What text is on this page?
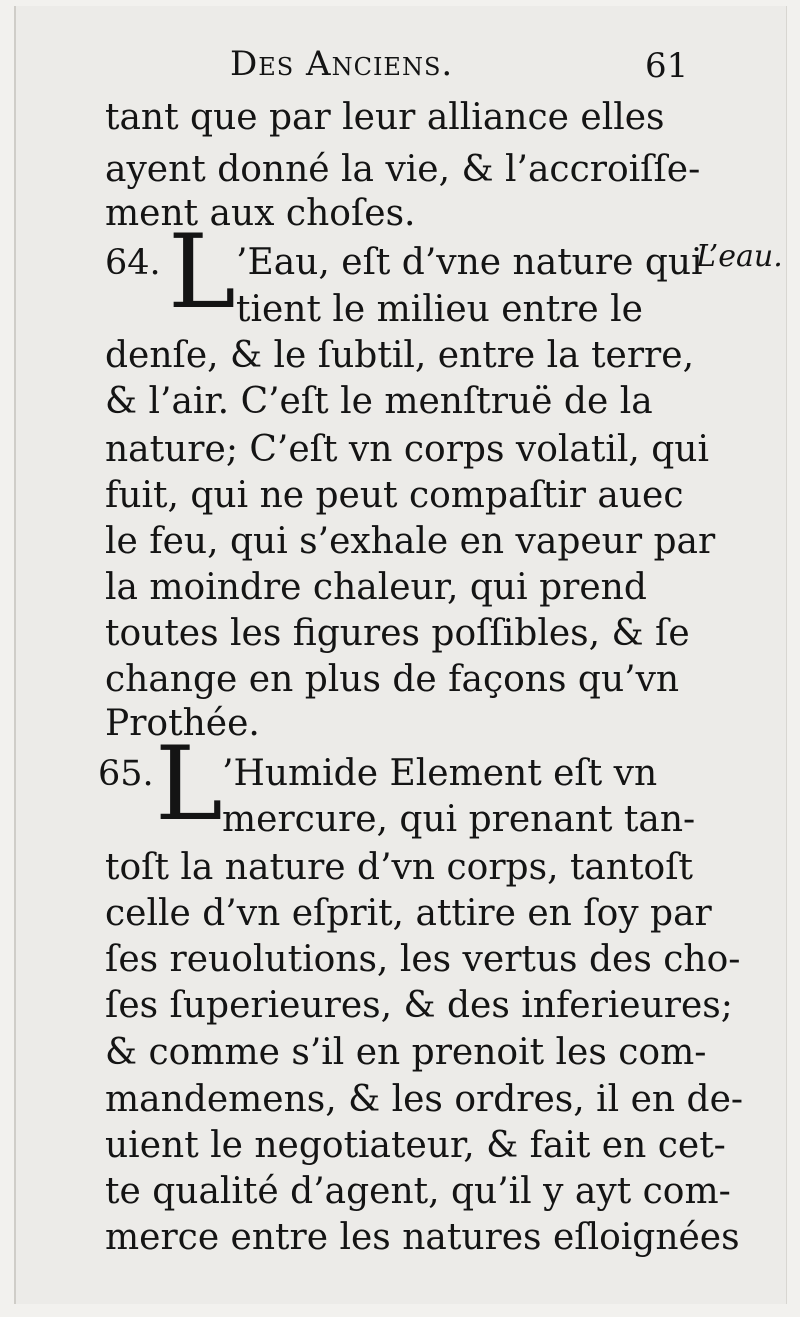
Des Anciens.	61
tant que par leur alliance elles
ayent donné la vie, & l’accroiſſe-
ment aux choſes.
64. L	L’eau.
’Eau, eſt d’vne nature qui
tient le milieu entre le
denſe, & le ſubtil, entre la terre,
& l’air. C’eſt le menſtruë de la
nature; C’eſt vn corps volatil, qui
fuit, qui ne peut compaſtir auec
le feu, qui s’exhale en vapeur par
la moindre chaleur, qui prend
toutes les figures poſſibles, & ſe
change en plus de façons qu’vn
Prothée.
65. L ’Humide Element eſt vn
mercure, qui prenant tan-
toſt la nature d’vn corps, tantoſt
celle d’vn eſprit, attire en ſoy par
ſes reuolutions, les vertus des cho-
ſes ſuperieures, & des inferieures;
& comme s’il en prenoit les com-
mandemens, & les ordres, il en de-
uient le negotiateur, & fait en cet-
te qualité d’agent, qu’il y ayt com-
merce entre les natures eſloignées
